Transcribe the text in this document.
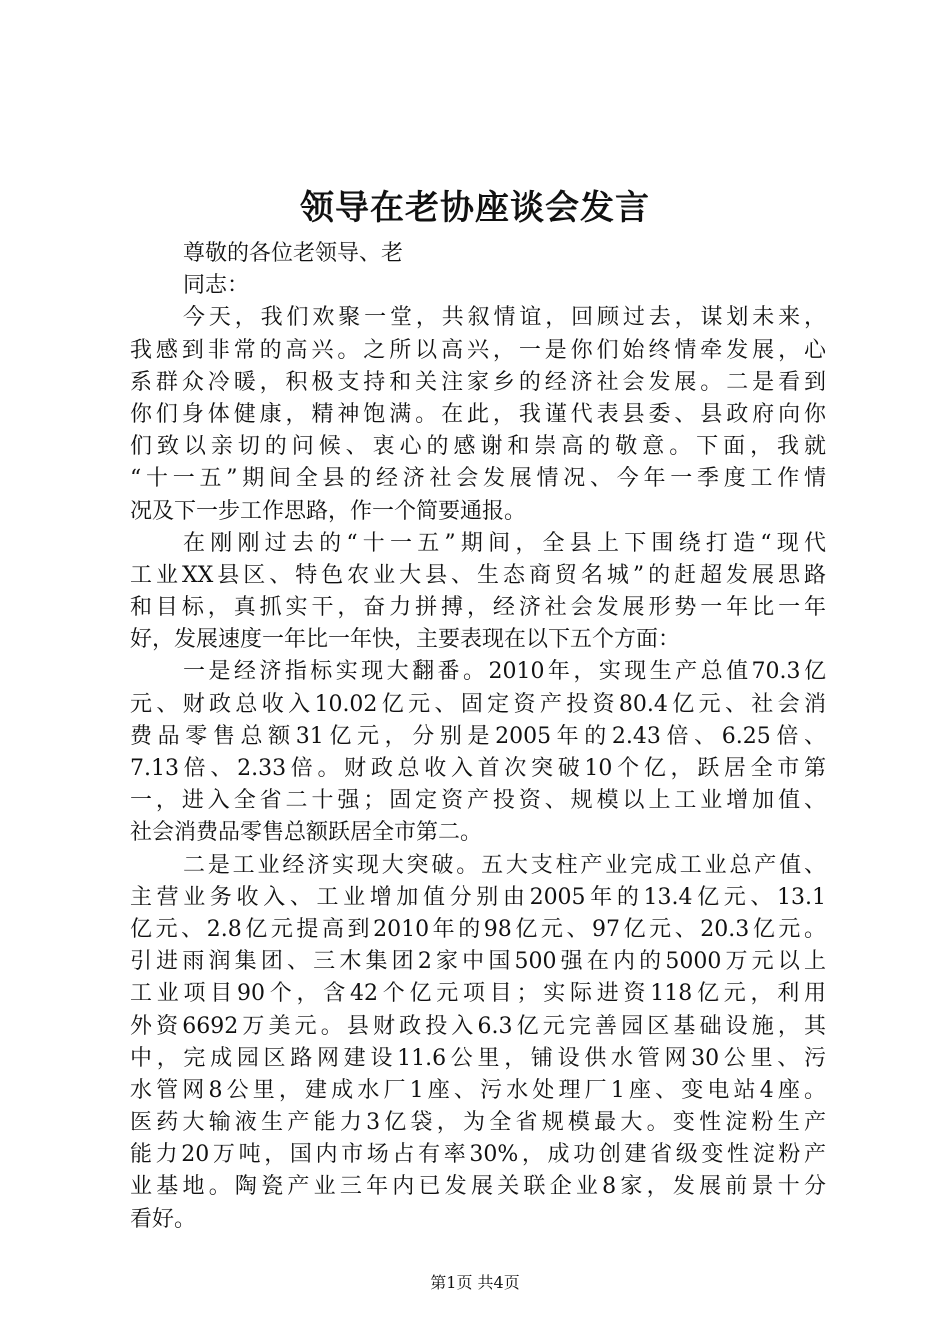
领导在老协座谈会发言
尊敬的各位老领导、老
同志：
今天，我们欢聚一堂，共叙情谊，回顾过去，谋划未来，
我感到非常的高兴。之所以高兴，一是你们始终情牵发展，心
系群众冷暖，积极支持和关注家乡的经济社会发展。二是看到
你们身体健康，精神饱满。在此，我谨代表县委、县政府向你
们致以亲切的问候、衷心的感谢和崇高的敬意。下面，我就
“十一五”期间全县的经济社会发展情况、今年一季度工作情
况及下一步工作思路，作一个简要通报。
在刚刚过去的“十一五”期间，全县上下围绕打造“现代
工业XX县区、特色农业大县、生态商贸名城”的赶超发展思路
和目标，真抓实干，奋力拼搏，经济社会发展形势一年比一年
好，发展速度一年比一年快，主要表现在以下五个方面：
一是经济指标实现大翻番。2010年，实现生产总值70.3亿
元、财政总收入10.02亿元、固定资产投资80.4亿元、社会消
费品零售总额31亿元，分别是2005年的2.43倍、6.25倍、
7.13倍、2.33倍。财政总收入首次突破10个亿，跃居全市第
一，进入全省二十强；固定资产投资、规模以上工业增加值、
社会消费品零售总额跃居全市第二。
二是工业经济实现大突破。五大支柱产业完成工业总产值、
主营业务收入、工业增加值分别由2005年的13.4亿元、13.1
亿元、2.8亿元提高到2010年的98亿元、97亿元、20.3亿元。
引进雨润集团、三木集团2家中国500强在内的5000万元以上
工业项目90个，含42个亿元项目；实际进资118亿元，利用
外资6692万美元。县财政投入6.3亿元完善园区基础设施，其
中，完成园区路网建设11.6公里，铺设供水管网30公里、污
水管网8公里，建成水厂1座、污水处理厂1座、变电站4座。
医药大输液生产能力3亿袋，为全省规模最大。变性淀粉生产
能力20万吨，国内市场占有率30%，成功创建省级变性淀粉产
业基地。陶瓷产业三年内已发展关联企业8家，发展前景十分
看好。
第1页 共4页
